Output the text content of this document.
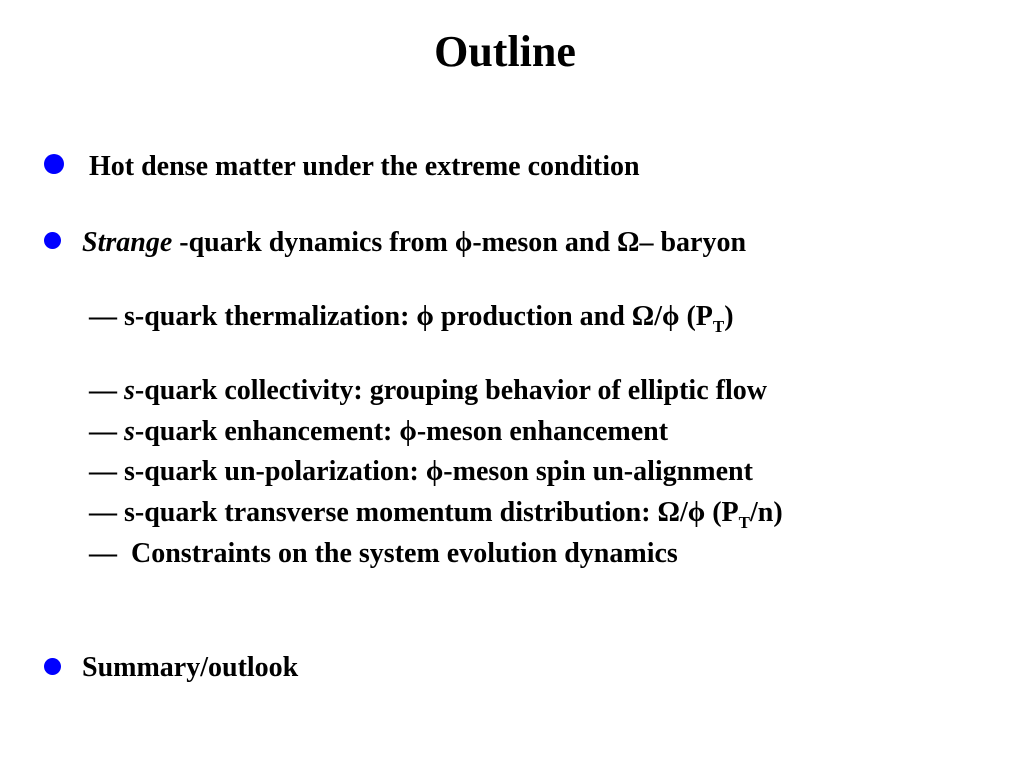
Outline
Hot dense matter under the extreme condition
Strange -quark dynamics from ϕ-meson and Ω– baryon
— s-quark thermalization: ϕ production and Ω/ϕ $(P_T)$
— s-quark collectivity: grouping behavior of elliptic flow
— s-quark enhancement: ϕ-meson enhancement
— s-quark un-polarization: ϕ-meson spin un-alignment
— s-quark transverse momentum distribution: Ω/ϕ $(P_T/n)$
—  Constraints on the system evolution dynamics
Summary/outlook
